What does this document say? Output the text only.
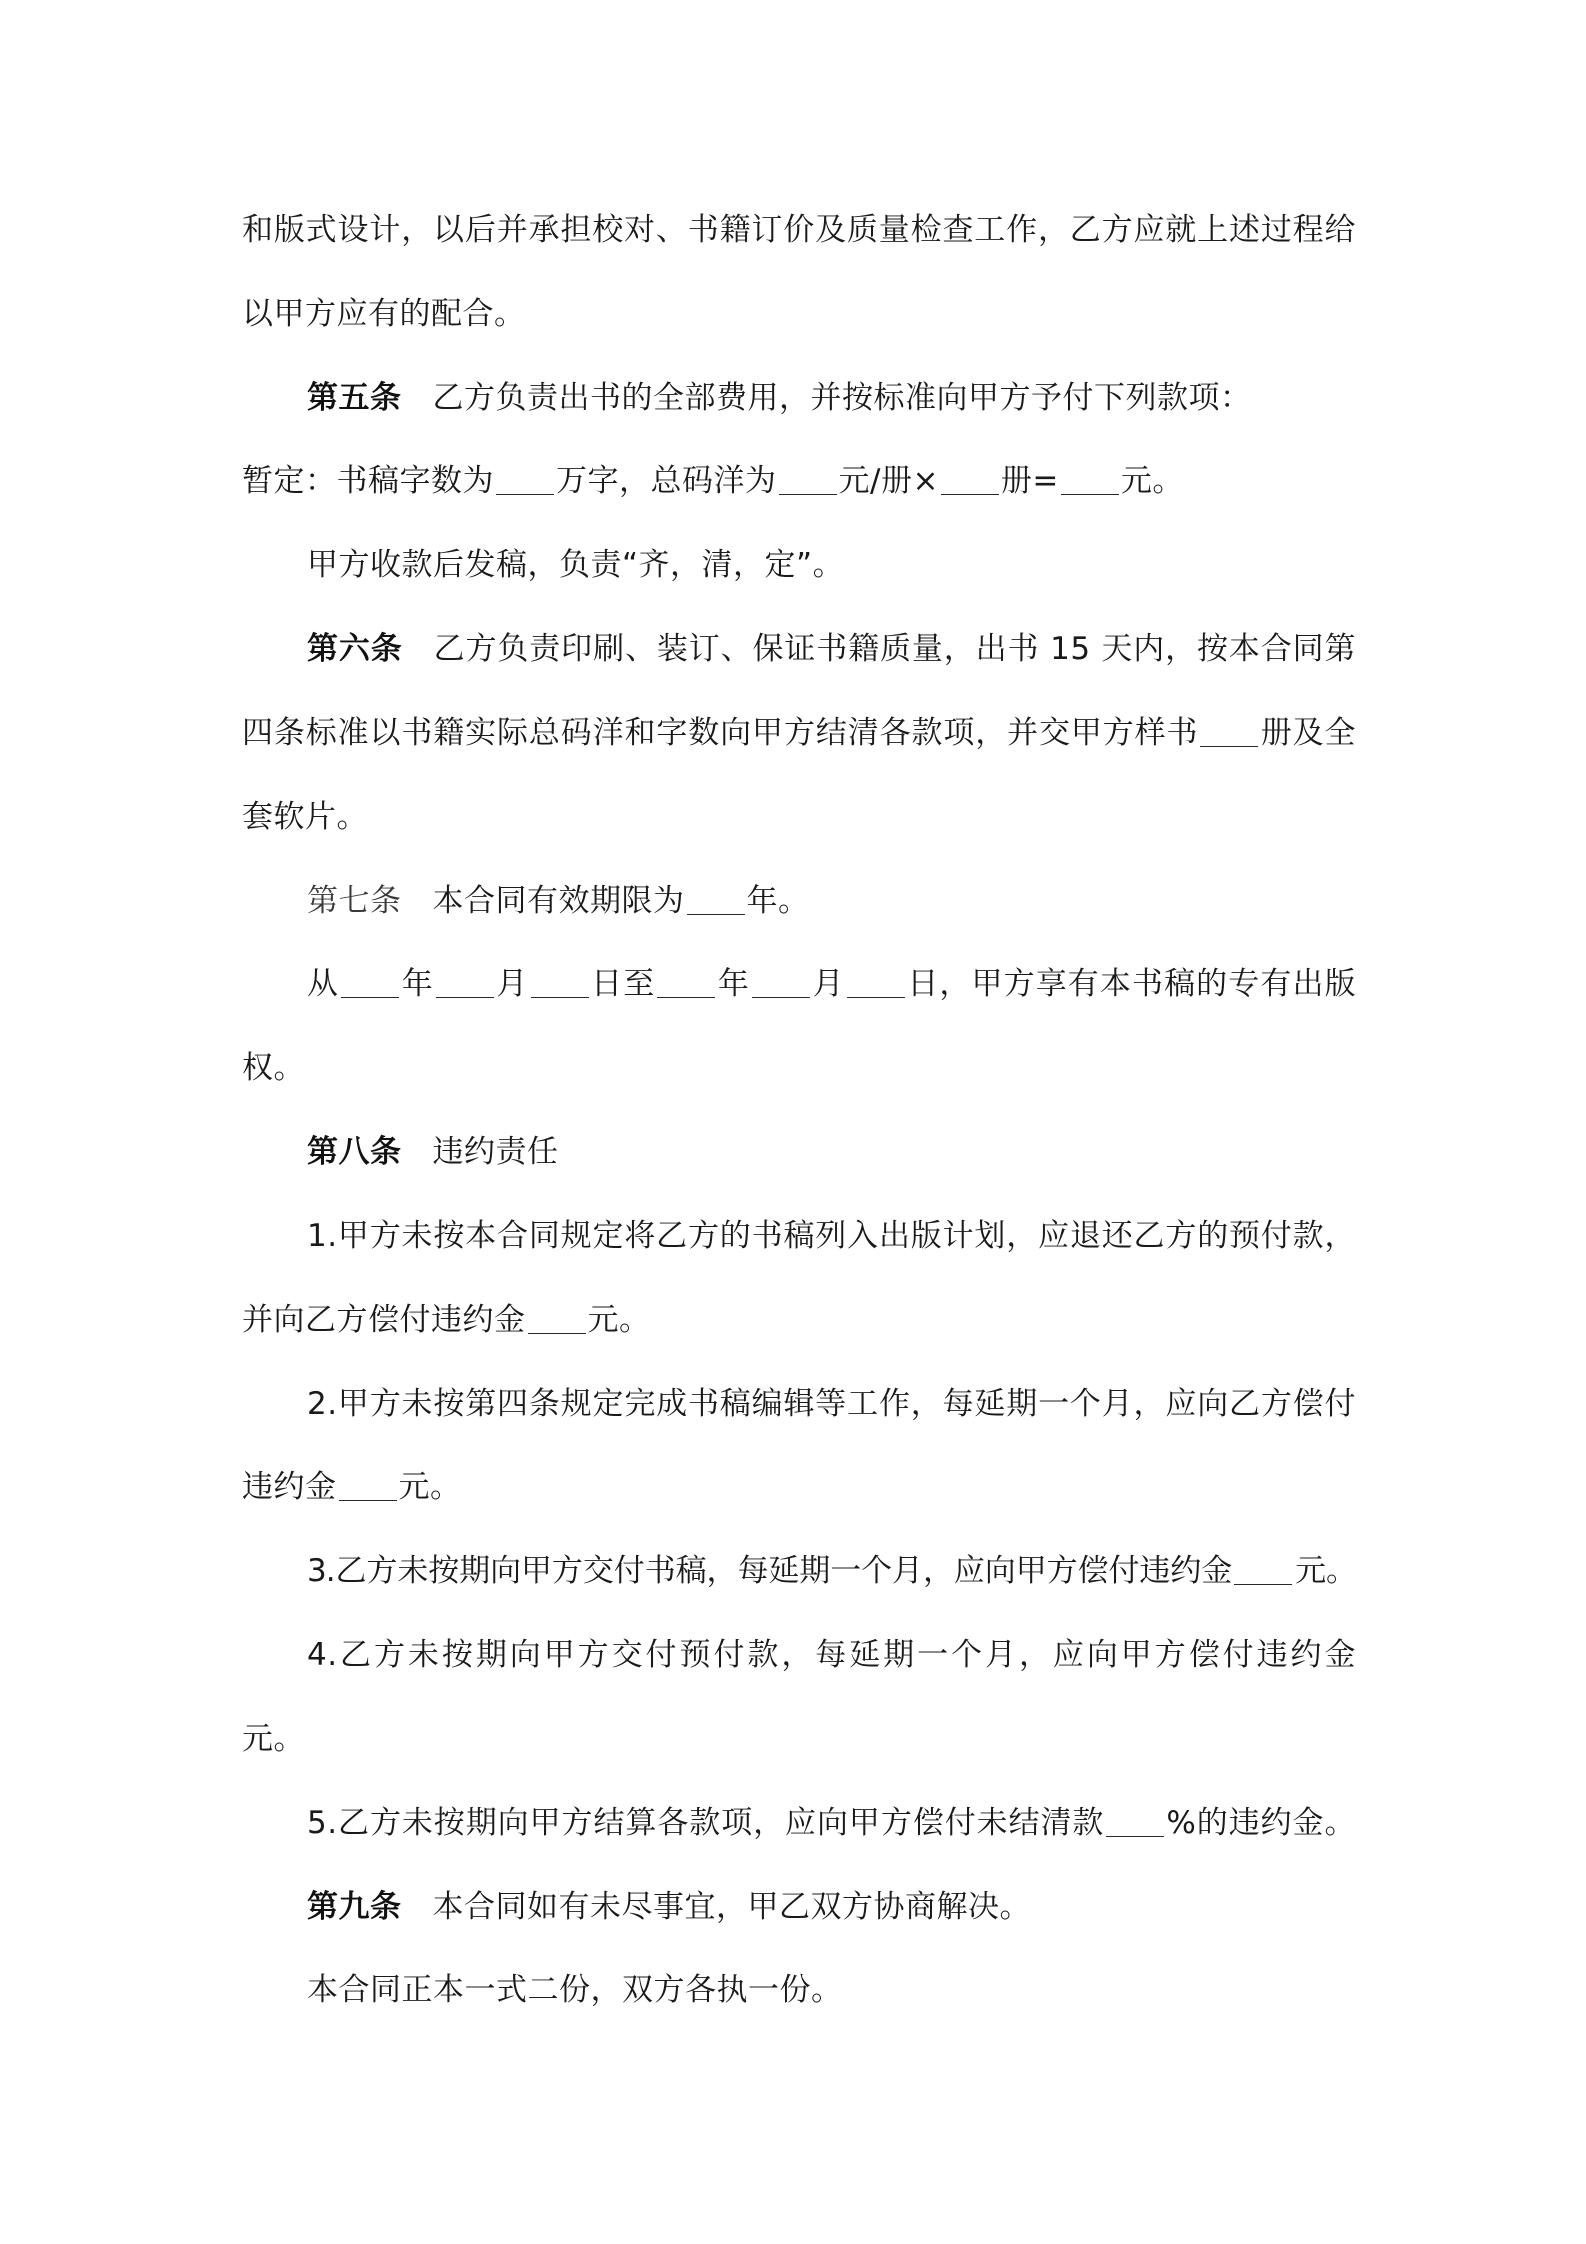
和版式设计，以后并承担校对、书籍订价及质量检查工作，乙方应就上述过程给
以甲方应有的配合。
第五条 乙方负责出书的全部费用，并按标准向甲方予付下列款项：
暂定：书稿字数为 万字，总码洋为 元/册× 册= 元。
甲方收款后发稿，负责“齐，清，定”。
第六条 乙方负责印刷、装订、保证书籍质量，出书 15 天内，按本合同第
四条标准以书籍实际总码洋和字数向甲方结清各款项，并交甲方样书 册及全
套软片。
第七条 本合同有效期限为 年。
从 年 月 日至 年 月 日，甲方享有本书稿的专有出版
权。
第八条 违约责任
1.甲方未按本合同规定将乙方的书稿列入出版计划，应退还乙方的预付款，
并向乙方偿付违约金 元。
2.甲方未按第四条规定完成书稿编辑等工作，每延期一个月，应向乙方偿付
违约金 元。
3.乙方未按期向甲方交付书稿，每延期一个月，应向甲方偿付违约金 元。
4.乙方未按期向甲方交付预付款，每延期一个月，应向甲方偿付违约金
元。
5.乙方未按期向甲方结算各款项，应向甲方偿付未结清款 %的违约金。
第九条 本合同如有未尽事宜，甲乙双方协商解决。
本合同正本一式二份，双方各执一份。
